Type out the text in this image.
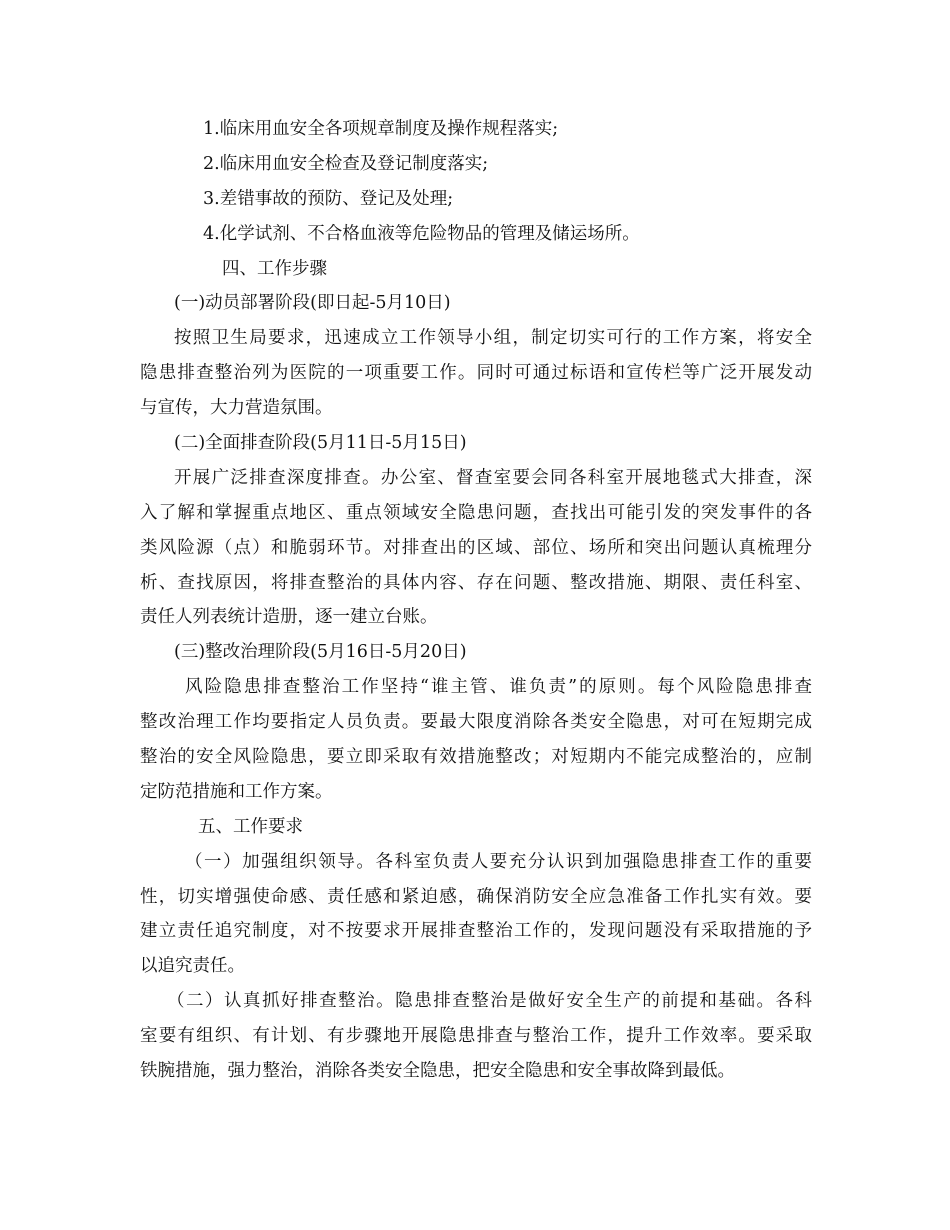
1.临床用血安全各项规章制度及操作规程落实;

2.临床用血安全检查及登记制度落实;

3.差错事故的预防、登记及处理;

4.化学试剂、不合格血液等危险物品的管理及储运场所。

四、工作步骤

(一)动员部署阶段(即日起-5月10日)

按照卫生局要求，迅速成立工作领导小组，制定切实可行的工作方案，将安全

隐患排查整治列为医院的一项重要工作。同时可通过标语和宣传栏等广泛开展发动

与宣传，大力营造氛围。

(二)全面排查阶段(5月11日-5月15日)

开展广泛排查深度排查。办公室、督查室要会同各科室开展地毯式大排查，深

入了解和掌握重点地区、重点领域安全隐患问题，查找出可能引发的突发事件的各

类风险源（点）和脆弱环节。对排查出的区域、部位、场所和突出问题认真梳理分

析、查找原因，将排查整治的具体内容、存在问题、整改措施、期限、责任科室、

责任人列表统计造册，逐一建立台账。

(三)整改治理阶段(5月16日-5月20日)

风险隐患排查整治工作坚持“谁主管、谁负责”的原则。每个风险隐患排查

整改治理工作均要指定人员负责。要最大限度消除各类安全隐患，对可在短期完成

整治的安全风险隐患，要立即采取有效措施整改；对短期内不能完成整治的，应制

定防范措施和工作方案。

五、工作要求

（一）加强组织领导。各科室负责人要充分认识到加强隐患排查工作的重要

性，切实增强使命感、责任感和紧迫感，确保消防安全应急准备工作扎实有效。要

建立责任追究制度，对不按要求开展排查整治工作的，发现问题没有采取措施的予

以追究责任。

（二）认真抓好排查整治。隐患排查整治是做好安全生产的前提和基础。各科

室要有组织、有计划、有步骤地开展隐患排查与整治工作，提升工作效率。要采取

铁腕措施，强力整治，消除各类安全隐患，把安全隐患和安全事故降到最低。
